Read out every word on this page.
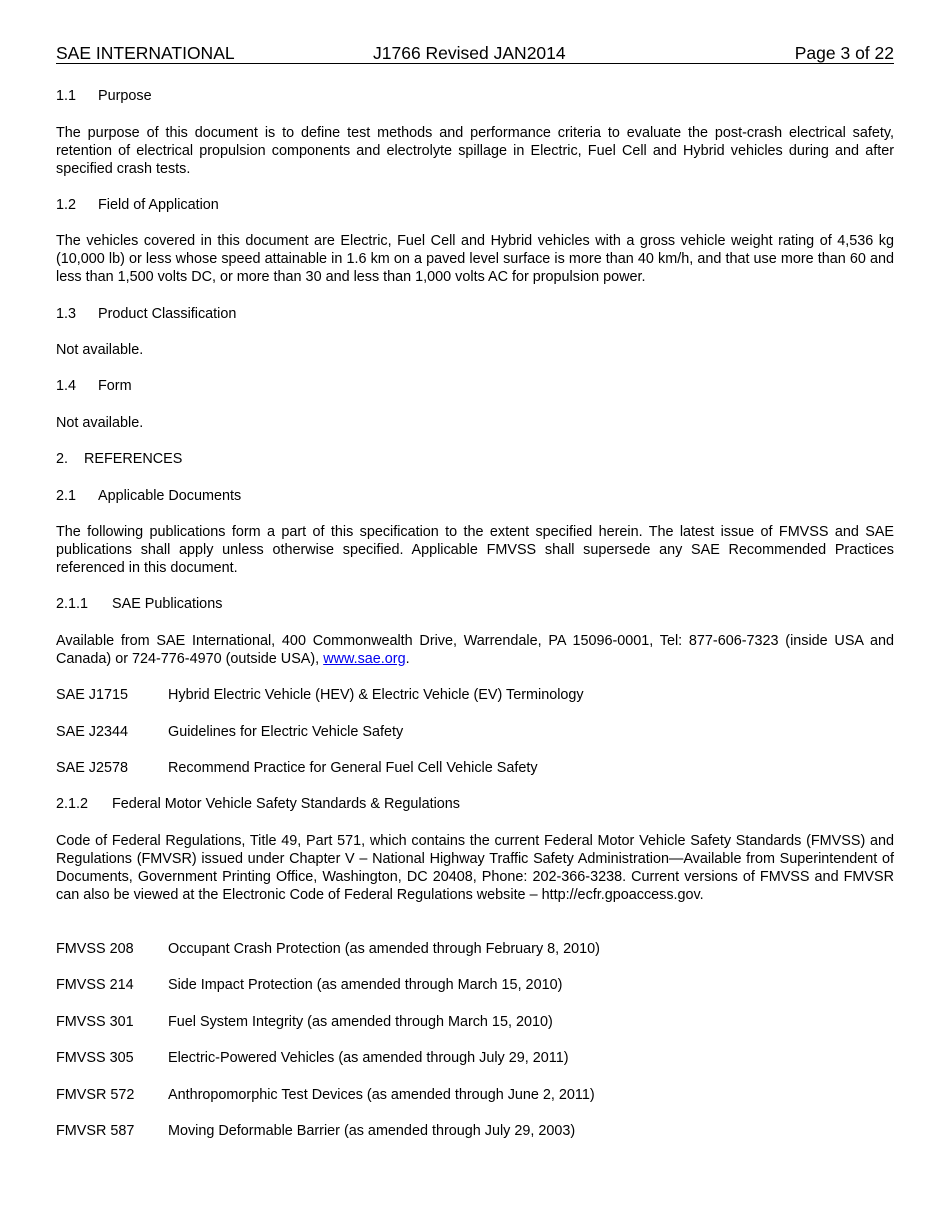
SAE INTERNATIONAL	J1766 Revised JAN2014	Page 3 of 22
1.1 Purpose

The purpose of this document is to define test methods and performance criteria to evaluate the post-crash electrical safety, retention of electrical propulsion components and electrolyte spillage in Electric, Fuel Cell and Hybrid vehicles during and after specified crash tests.

1.2 Field of Application

The vehicles covered in this document are Electric, Fuel Cell and Hybrid vehicles with a gross vehicle weight rating of 4,536 kg (10,000 lb) or less whose speed attainable in 1.6 km on a paved level surface is more than 40 km/h, and that use more than 60 and less than 1,500 volts DC, or more than 30 and less than 1,000 volts AC for propulsion power.

1.3 Product Classification

Not available.

1.4 Form

Not available.

2. REFERENCES
2.1 Applicable Documents

The following publications form a part of this specification to the extent specified herein. The latest issue of FMVSS and SAE publications shall apply unless otherwise specified. Applicable FMVSS shall supersede any SAE Recommended Practices referenced in this document.

2.1.1 SAE Publications

Available from SAE International, 400 Commonwealth Drive, Warrendale, PA 15096-0001, Tel: 877-606-7323 (inside USA and Canada) or 724-776-4970 (outside USA), www.sae.org.

SAE J1715	Hybrid Electric Vehicle (HEV) & Electric Vehicle (EV) Terminology
SAE J2344	Guidelines for Electric Vehicle Safety
SAE J2578	Recommend Practice for General Fuel Cell Vehicle Safety
2.1.2 Federal Motor Vehicle Safety Standards & Regulations

Code of Federal Regulations, Title 49, Part 571, which contains the current Federal Motor Vehicle Safety Standards (FMVSS) and Regulations (FMVSR) issued under Chapter V – National Highway Traffic Safety Administration—Available from Superintendent of Documents, Government Printing Office, Washington, DC 20408, Phone: 202-366-3238. Current versions of FMVSS and FMVSR can also be viewed at the Electronic Code of Federal Regulations website – http://ecfr.gpoaccess.gov.

FMVSS 208 Occupant Crash Protection (as amended through February 8, 2010)
FMVSS 214 Side Impact Protection (as amended through March 15, 2010)
FMVSS 301 Fuel System Integrity (as amended through March 15, 2010)
FMVSS 305 Electric-Powered Vehicles (as amended through July 29, 2011)
FMVSR 572 Anthropomorphic Test Devices (as amended through June 2, 2011)
FMVSR 587 Moving Deformable Barrier (as amended through July 29, 2003)
